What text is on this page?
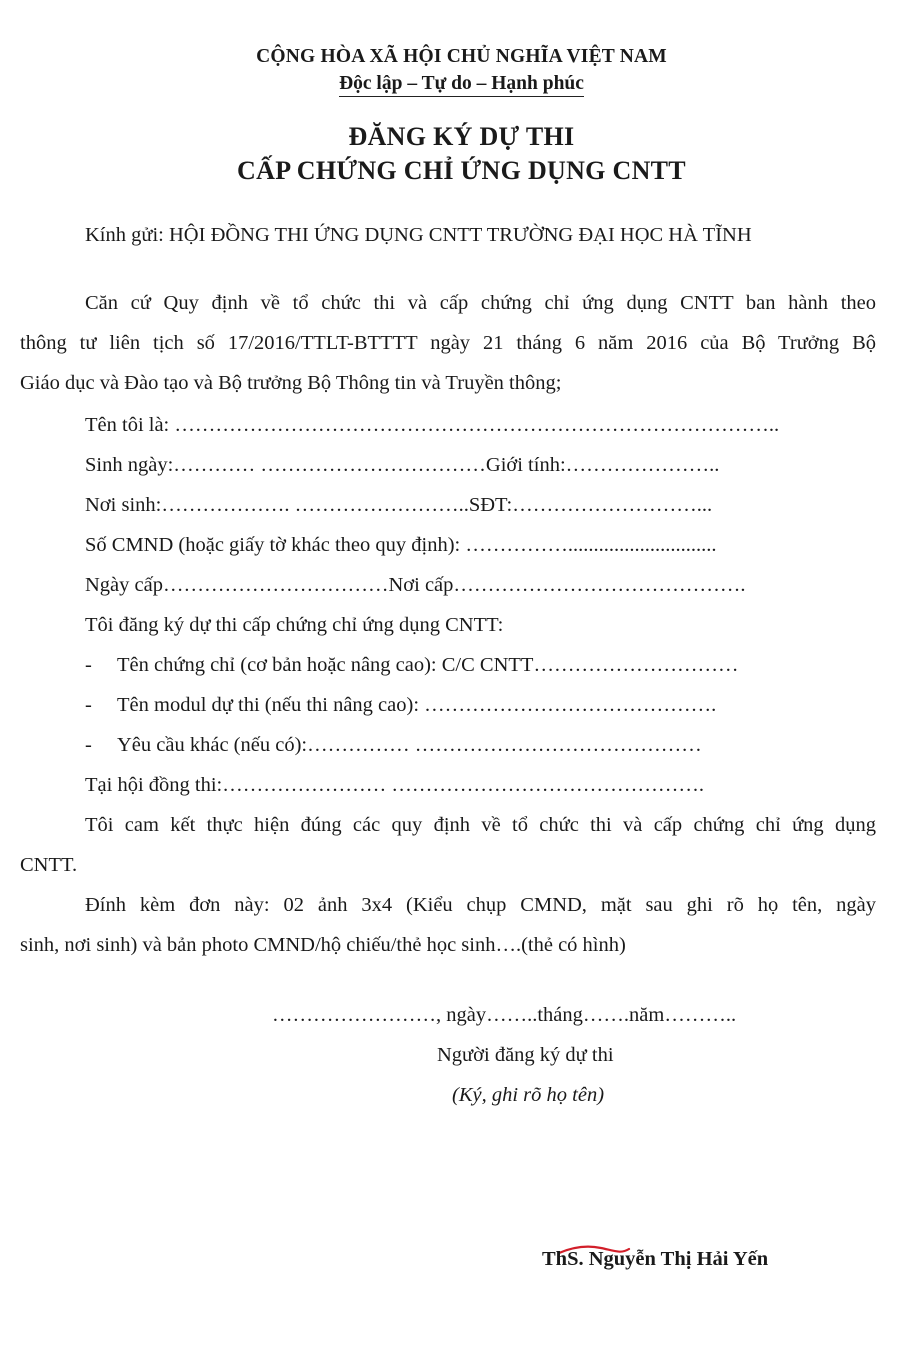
CỘNG HÒA XÃ HỘI CHỦ NGHĨA VIỆT NAM
Độc lập – Tự do – Hạnh phúc
ĐĂNG KÝ DỰ THI
CẤP CHỨNG CHỈ ỨNG DỤNG CNTT
Kính gửi: HỘI ĐỒNG THI ỨNG DỤNG CNTT TRƯỜNG ĐẠI HỌC HÀ TĨNH
Căn cứ Quy định về tổ chức thi và cấp chứng chỉ ứng dụng CNTT ban hành theo
thông tư liên tịch số 17/2016/TTLT-BTTTT ngày 21 tháng 6 năm 2016 của Bộ Trưởng Bộ
Giáo dục và Đào tạo và Bộ trưởng Bộ Thông tin và Truyền thông;
Tên tôi là: ……………………………………………………………………………..
Sinh ngày:………… ……………………………Giới tính:…………………..
Nơi sinh:………………. ……………………..SĐT:………………………...
Số CMND (hoặc giấy tờ khác theo quy định): …………….............................
Ngày cấp……………………………Nơi cấp…………………………………….
Tôi đăng ký dự thi cấp chứng chỉ ứng dụng CNTT:
- Tên chứng chỉ (cơ bản hoặc nâng cao): C/C CNTT…………………………
- Tên modul dự thi (nếu thi nâng cao): …………………………………….
- Yêu cầu khác (nếu có):…………… ……………………………………
Tại hội đồng thi:…………………… ……………………………………….
Tôi cam kết thực hiện đúng các quy định về tổ chức thi và cấp chứng chỉ ứng dụng
CNTT.
Đính kèm đơn này: 02 ảnh 3x4 (Kiểu chụp CMND, mặt sau ghi rõ họ tên, ngày
sinh, nơi sinh) và bản photo CMND/hộ chiếu/thẻ học sinh….(thẻ có hình)
……………………, ngày……..tháng…….năm………..
Người đăng ký dự thi
(Ký, ghi rõ họ tên)
ThS. Nguyễn Thị Hải Yến
